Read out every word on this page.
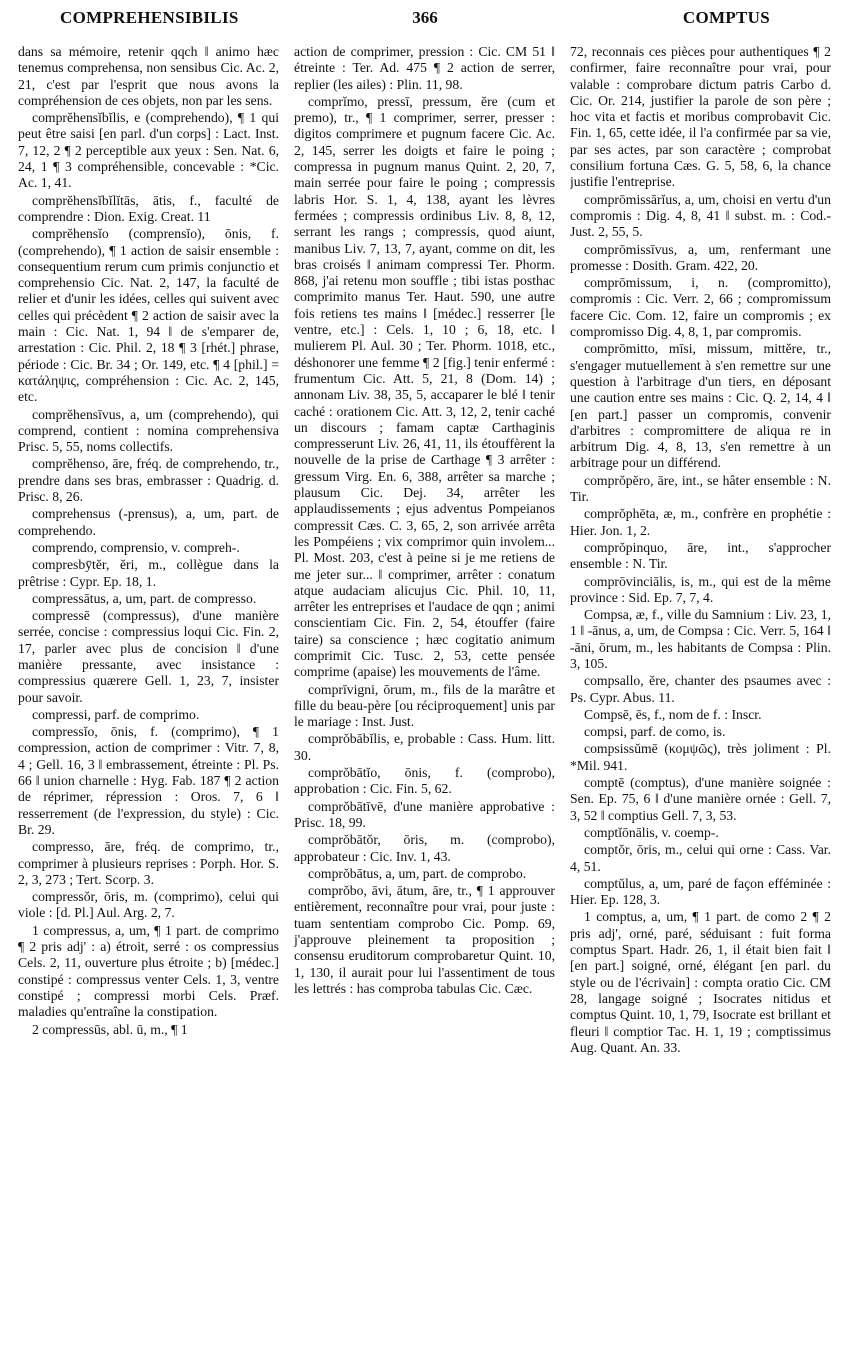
COMPREHENSIBILIS	366	COMPTUS

dans sa mémoire, retenir qqch ‖ animo hæc tenemus comprehensa, non sensibus Cic. Ac. 2, 21, c'est par l'esprit que nous avons la compréhension de ces objets, non par les sens.

comprĕhensĭbĭlis, e (comprehendo), ¶ 1 qui peut être saisi [en parl. d'un corps] : Lact. Inst. 7, 12, 2 ¶ 2 perceptible aux yeux : Sen. Nat. 6, 24, 1 ¶ 3 compréhensible, concevable : *Cic. Ac. 1, 41.

comprĕhensĭbĭlĭtās, ātis, f., faculté de comprendre : Dion. Exig. Creat. 11

comprĕhensĭo (comprensĭo), ōnis, f. (comprehendo), ¶ 1 action de saisir ensemble : consequentium rerum cum primis conjunctio et comprehensio Cic. Nat. 2, 147, la faculté de relier et d'unir les idées, celles qui suivent avec celles qui précèdent ¶ 2 action de saisir avec la main : Cic. Nat. 1, 94 ‖ de s'emparer de, arrestation : Cic. Phil. 2, 18 ¶ 3 [rhét.] phrase, période : Cic. Br. 34 ; Or. 149, etc. ¶ 4 [phil.] = κατάληψις, compréhension : Cic. Ac. 2, 145, etc.

comprĕhensīvus, a, um (comprehendo), qui comprend, contient : nomina comprehensiva Prisc. 5, 55, noms collectifs.

comprĕhenso, āre, fréq. de comprehendo, tr., prendre dans ses bras, embrasser : Quadrig. d. Prisc. 8, 26.

comprehensus (-prensus), a, um, part. de comprehendo.

comprendo, comprensio, v. compreh-.

compresbȳtĕr, ĕri, m., collègue dans la prêtrise : Cypr. Ep. 18, 1.

compressātus, a, um, part. de compresso.

compressē (compressus), d'une manière serrée, concise : compressius loqui Cic. Fin. 2, 17, parler avec plus de concision ‖ d'une manière pressante, avec insistance : compressius quærere Gell. 1, 23, 7, insister pour savoir.

compressi, parf. de comprimo.

compressĭo, ōnis, f. (comprimo), ¶ 1 compression, action de comprimer : Vitr. 7, 8, 4 ; Gell. 16, 3 ‖ embrassement, étreinte : Pl. Ps. 66 ‖ union charnelle : Hyg. Fab. 187 ¶ 2 action de réprimer, répression : Oros. 7, 6 ‖ resserrement (de l'expression, du style) : Cic. Br. 29.

compresso, āre, fréq. de comprimo, tr., comprimer à plusieurs reprises : Porph. Hor. S. 2, 3, 273 ; Tert. Scorp. 3.

compressŏr, ōris, m. (comprimo), celui qui viole : [d. Pl.] Aul. Arg. 2, 7.

1 compressus, a, um, ¶ 1 part. de comprimo ¶ 2 pris adj' : a) étroit, serré : os compressius Cels. 2, 11, ouverture plus étroite ; b) [médec.] constipé : compressus venter Cels. 1, 3, ventre constipé ; compressi morbi Cels. Præf. maladies qu'entraîne la constipation.

2 compressūs, abl. ū, m., ¶ 1

action de comprimer, pression : Cic. CM 51 ‖ étreinte : Ter. Ad. 475 ¶ 2 action de serrer, replier (les ailes) : Plin. 11, 98.

comprĭmo, pressī, pressum, ĕre (cum et premo), tr., ¶ 1 comprimer, serrer, presser : digitos comprimere et pugnum facere Cic. Ac. 2, 145, serrer les doigts et faire le poing ; compressa in pugnum manus Quint. 2, 20, 7, main serrée pour faire le poing ; compressis labris Hor. S. 1, 4, 138, ayant les lèvres fermées ; compressis ordinibus Liv. 8, 8, 12, serrant les rangs ; compressis, quod aiunt, manibus Liv. 7, 13, 7, ayant, comme on dit, les bras croisés ‖ animam compressi Ter. Phorm. 868, j'ai retenu mon souffle ; tibi istas posthac comprimito manus Ter. Haut. 590, une autre fois retiens tes mains ‖ [médec.] resserrer [le ventre, etc.] : Cels. 1, 10 ; 6, 18, etc. ‖ mulierem Pl. Aul. 30 ; Ter. Phorm. 1018, etc., déshonorer une femme ¶ 2 [fig.] tenir enfermé : frumentum Cic. Att. 5, 21, 8 (Dom. 14) ; annonam Liv. 38, 35, 5, accaparer le blé ‖ tenir caché : orationem Cic. Att. 3, 12, 2, tenir caché un discours ; famam captæ Carthaginis compresserunt Liv. 26, 41, 11, ils étouffèrent la nouvelle de la prise de Carthage ¶ 3 arrêter : gressum Virg. En. 6, 388, arrêter sa marche ; plausum Cic. Dej. 34, arrêter les applaudissements ; ejus adventus Pompeianos compressit Cæs. C. 3, 65, 2, son arrivée arrêta les Pompéiens ; vix comprimor quin involem... Pl. Most. 203, c'est à peine si je me retiens de me jeter sur... ‖ comprimer, arrêter : conatum atque audaciam alicujus Cic. Phil. 10, 11, arrêter les entreprises et l'audace de qqn ; animi conscientiam Cic. Fin. 2, 54, étouffer (faire taire) sa conscience ; hæc cogitatio animum comprimit Cic. Tusc. 2, 53, cette pensée comprime (apaise) les mouvements de l'âme.

comprīvigni, ōrum, m., fils de la marâtre et fille du beau-père [ou réciproquement] unis par le mariage : Inst. Just.

comprŏbābĭlis, e, probable : Cass. Hum. litt. 30.

comprŏbātĭo, ōnis, f. (comprobo), approbation : Cic. Fin. 5, 62.

comprŏbātīvē, d'une manière approbative : Prisc. 18, 99.

comprŏbātŏr, ōris, m. (comprobo), approbateur : Cic. Inv. 1, 43.

comprŏbātus, a, um, part. de comprobo.

comprŏbo, āvi, ātum, āre, tr., ¶ 1 approuver entièrement, reconnaître pour vrai, pour juste : tuam sententiam comprobo Cic. Pomp. 69, j'approuve pleinement ta proposition ; consensu eruditorum comprobaretur Quint. 10, 1, 130, il aurait pour lui l'assentiment de tous les lettrés : has comproba tabulas Cic. Cæc.

72, reconnais ces pièces pour authentiques ¶ 2 confirmer, faire reconnaître pour vrai, pour valable : comprobare dictum patris Carbo d. Cic. Or. 214, justifier la parole de son père ; hoc vita et factis et moribus comprobavit Cic. Fin. 1, 65, cette idée, il l'a confirmée par sa vie, par ses actes, par son caractère ; comprobat consilium fortuna Cæs. G. 5, 58, 6, la chance justifie l'entreprise.

comprōmissārĭus, a, um, choisi en vertu d'un compromis : Dig. 4, 8, 41 ‖ subst. m. : Cod.-Just. 2, 55, 5.

comprōmissīvus, a, um, renfermant une promesse : Dosith. Gram. 422, 20.

comprōmissum, i, n. (compromitto), compromis : Cic. Verr. 2, 66 ; compromissum facere Cic. Com. 12, faire un compromis ; ex compromisso Dig. 4, 8, 1, par compromis.

comprōmitto, mīsi, missum, mittĕre, tr., s'engager mutuellement à s'en remettre sur une question à l'arbitrage d'un tiers, en déposant une caution entre ses mains : Cic. Q. 2, 14, 4 ‖ [en part.] passer un compromis, convenir d'arbitres : compromittere de aliqua re in arbitrum Dig. 4, 8, 13, s'en remettre à un arbitrage pour un différend.

comprŏpĕro, āre, int., se hâter ensemble : N. Tir.

comprŏphēta, æ, m., confrère en prophétie : Hier. Jon. 1, 2.

comprŏpinquo, āre, int., s'approcher ensemble : N. Tir.

comprōvinciālis, is, m., qui est de la même province : Sid. Ep. 7, 7, 4.

Compsa, æ, f., ville du Samnium : Liv. 23, 1, 1 ‖ -ānus, a, um, de Compsa : Cic. Verr. 5, 164 ‖ -āni, ōrum, m., les habitants de Compsa : Plin. 3, 105.

compsallo, ĕre, chanter des psaumes avec : Ps. Cypr. Abus. 11.

Compsē, ēs, f., nom de f. : Inscr.

compsi, parf. de como, is.

compsissŭmē (κομψῶς), très joliment : Pl. *Mil. 941.

comptē (comptus), d'une manière soignée : Sen. Ep. 75, 6 ‖ d'une manière ornée : Gell. 7, 3, 52 ‖ comptius Gell. 7, 3, 53.

comptĭōnālis, v. coemp-.

comptŏr, ōris, m., celui qui orne : Cass. Var. 4, 51.

comptŭlus, a, um, paré de façon efféminée : Hier. Ep. 128, 3.

1 comptus, a, um, ¶ 1 part. de como 2 ¶ 2 pris adj', orné, paré, séduisant : fuit forma comptus Spart. Hadr. 26, 1, il était bien fait ‖ [en part.] soigné, orné, élégant [en parl. du style ou de l'écrivain] : compta oratio Cic. CM 28, langage soigné ; Isocrates nitidus et comptus Quint. 10, 1, 79, Isocrate est brillant et fleuri ‖ comptior Tac. H. 1, 19 ; comptissimus Aug. Quant. An. 33.
